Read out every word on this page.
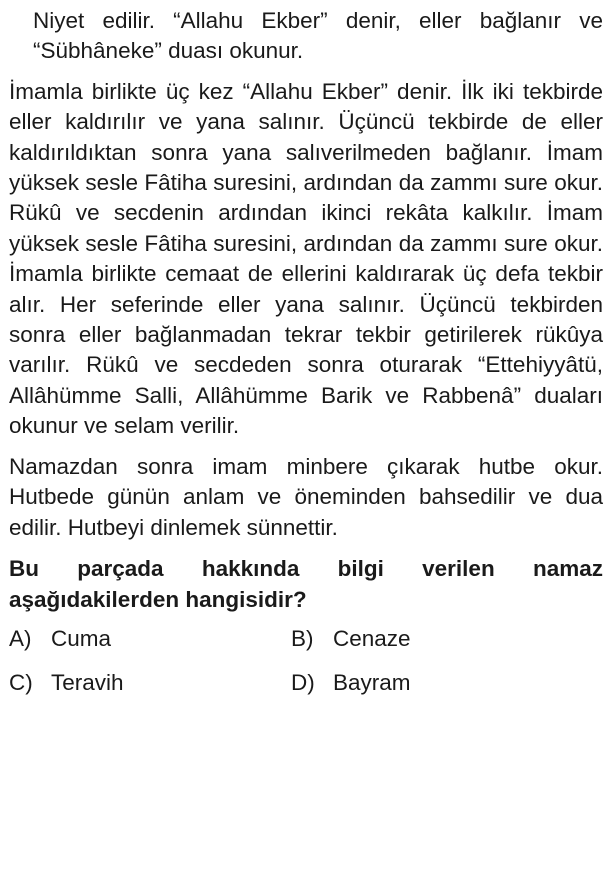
Niyet edilir. “Allahu Ekber” denir, eller bağlanır ve “Sübhâneke” duası okunur.

İmamla birlikte üç kez “Allahu Ekber” denir. İlk iki tekbirde eller kaldırılır ve yana salınır. Üçüncü tekbirde de eller kaldırıldıktan sonra yana salıverilmeden bağlanır. İmam yüksek sesle Fâtiha suresini, ardından da zammı sure okur. Rükû ve secdenin ardından ikinci rekâta kalkılır. İmam yüksek sesle Fâtiha suresini, ardından da zammı sure okur. İmamla birlikte cemaat de ellerini kaldırarak üç defa tekbir alır. Her seferinde eller yana salınır. Üçüncü tekbirden sonra eller bağlanmadan tekrar tekbir getirilerek rükûya varılır. Rükû ve secdeden sonra oturarak “Ettehiyyâtü, Allâhümme Salli, Allâhümme Barik ve Rabbenâ” duaları okunur ve selam verilir.

Namazdan sonra imam minbere çıkarak hutbe okur. Hutbede günün anlam ve öneminden bahsedilir ve dua edilir. Hutbeyi dinlemek sünnettir.

Bu parçada hakkında bilgi verilen namaz aşağıdakilerden hangisidir?

A) Cuma	B) Cenaze
C) Teravih	D) Bayram
